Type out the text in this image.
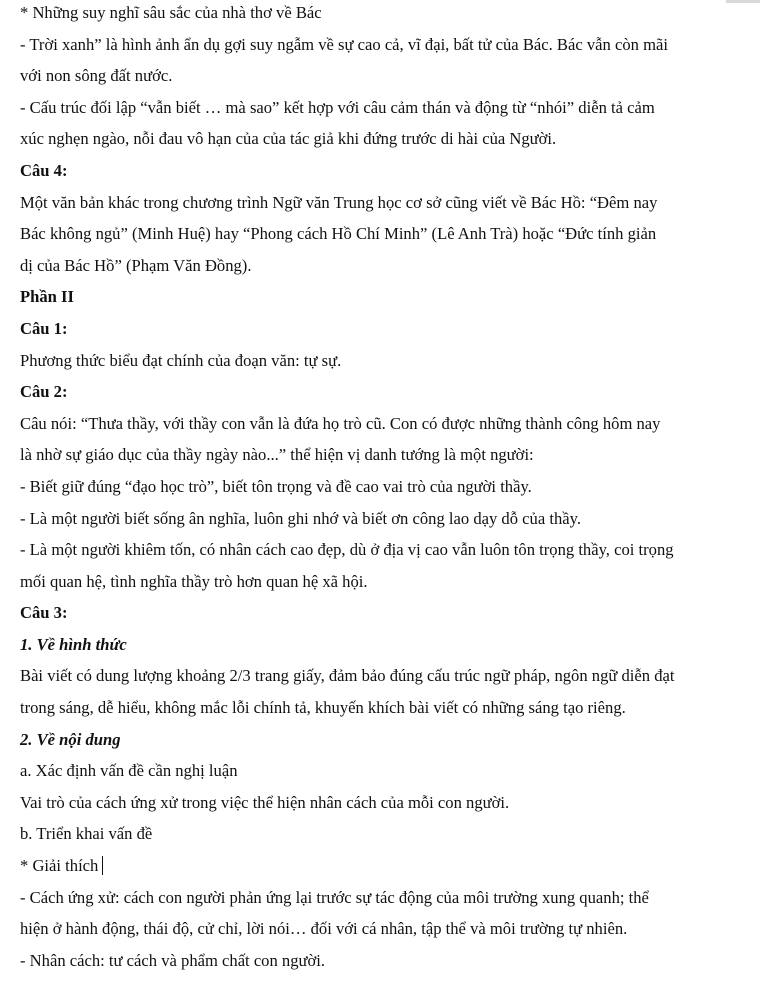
* Những suy nghĩ sâu sắc của nhà thơ về Bác
- Trời xanh” là hình ảnh ẩn dụ gợi suy ngẫm về sự cao cả, vĩ đại, bất tử của Bác. Bác vẫn còn mãi
với non sông đất nước.
- Cấu trúc đối lập “vẫn biết … mà sao” kết hợp với câu cảm thán và động từ “nhói” diễn tả cảm
xúc nghẹn ngào, nỗi đau vô hạn của của tác giả khi đứng trước di hài của Người.
Câu 4:
Một văn bản khác trong chương trình Ngữ văn Trung học cơ sở cũng viết về Bác Hồ: “Đêm nay
Bác không ngủ” (Minh Huệ) hay “Phong cách Hồ Chí Minh” (Lê Anh Trà) hoặc “Đức tính giản
dị của Bác Hồ” (Phạm Văn Đồng).
Phần II
Câu 1:
Phương thức biểu đạt chính của đoạn văn: tự sự.
Câu 2:
Câu nói: “Thưa thầy, với thầy con vẫn là đứa họ trò cũ. Con có được những thành công hôm nay
là nhờ sự giáo dục của thầy ngày nào...” thể hiện vị danh tướng là một người:
- Biết giữ đúng “đạo học trò”, biết tôn trọng và đề cao vai trò của người thầy.
- Là một người biết sống ân nghĩa, luôn ghi nhớ và biết ơn công lao dạy dỗ của thầy.
- Là một người khiêm tốn, có nhân cách cao đẹp, dù ở địa vị cao vẫn luôn tôn trọng thầy, coi trọng
mối quan hệ, tình nghĩa thầy trò hơn quan hệ xã hội.
Câu 3:
1. Về hình thức
Bài viết có dung lượng khoảng 2/3 trang giấy, đảm bảo đúng cấu trúc ngữ pháp, ngôn ngữ diễn đạt
trong sáng, dễ hiểu, không mắc lỗi chính tả, khuyến khích bài viết có những sáng tạo riêng.
2. Về nội dung
a. Xác định vấn đề cần nghị luận
Vai trò của cách ứng xử trong việc thể hiện nhân cách của mỗi con người.
b. Triển khai vấn đề
* Giải thích
- Cách ứng xử: cách con người phản ứng lại trước sự tác động của môi trường xung quanh; thể
hiện ở hành động, thái độ, cử chỉ, lời nói… đối với cá nhân, tập thể và môi trường tự nhiên.
- Nhân cách: tư cách và phẩm chất con người.
